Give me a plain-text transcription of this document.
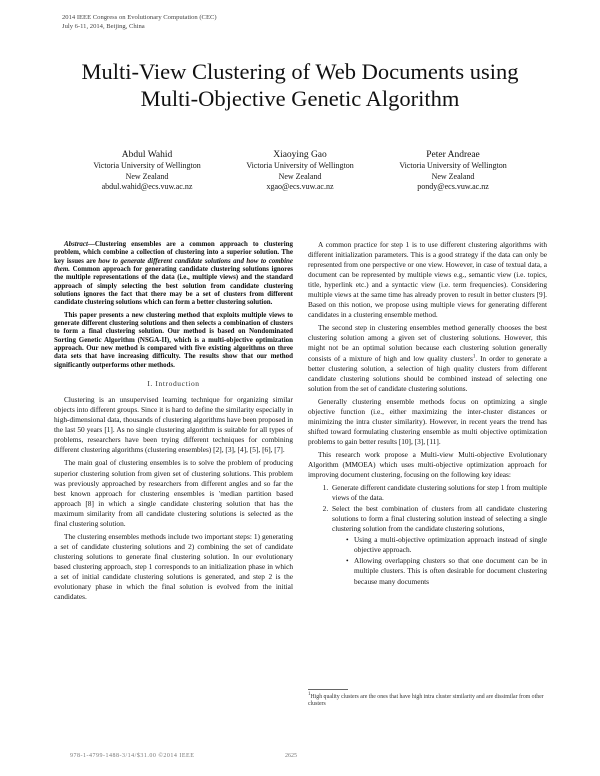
2014 IEEE Congress on Evolutionary Computation (CEC)
July 6-11, 2014, Beijing, China
Multi-View Clustering of Web Documents using
Multi-Objective Genetic Algorithm
Abdul Wahid
Victoria University of Wellington
New Zealand
abdul.wahid@ecs.vuw.ac.nz
Xiaoying Gao
Victoria University of Wellington
New Zealand
xgao@ecs.vuw.ac.nz
Peter Andreae
Victoria University of Wellington
New Zealand
pondy@ecs.vuw.ac.nz

Abstract—Clustering ensembles are a common approach to clustering problem, which combine a collection of clustering into a superior solution. The key issues are how to generate different candidate solutions and how to combine them. Common approach for generating candidate clustering solutions ignores the multiple representations of the data (i.e., multiple views) and the standard approach of simply selecting the best solution from candidate clustering solutions ignores the fact that there may be a set of clusters from different candidate clustering solutions which can form a better clustering solution.

This paper presents a new clustering method that exploits multiple views to generate different clustering solutions and then selects a combination of clusters to form a final clustering solution. Our method is based on Nondominated Sorting Genetic Algorithm (NSGA-II), which is a multi-objective optimization approach. Our new method is compared with five existing algorithms on three data sets that have increasing difficulty. The results show that our method significantly outperforms other methods.

I. Introduction

Clustering is an unsupervised learning technique for organizing similar objects into different groups. Since it is hard to define the similarity especially in high-dimensional data, thousands of clustering algorithms have been proposed in the last 50 years [1]. As no single clustering algorithm is suitable for all types of problems, researchers have been trying different techniques for combining different clustering algorithms (clustering ensembles) [2], [3], [4], [5], [6], [7].

The main goal of clustering ensembles is to solve the problem of producing superior clustering solution from given set of clustering solutions. This problem was previously approached by researchers from different angles and so far the best known approach for clustering ensembles is 'median partition based approach [8] in which a single candidate clustering solution that has the maximum similarity from all candidate clustering solutions is selected as the final clustering solution.

The clustering ensembles methods include two important steps: 1) generating a set of candidate clustering solutions and 2) combining the set of candidate clustering solutions to generate final clustering solution. In our evolutionary based clustering approach, step 1 corresponds to an initialization phase in which a set of initial candidate clustering solutions is generated, and step 2 is the evolutionary phase in which the final solution is evolved from the initial candidates.

A common practice for step 1 is to use different clustering algorithms with different initialization parameters. This is a good strategy if the data can only be represented from one perspective or one view. However, in case of textual data, a document can be represented by multiple views e.g., semantic view (i.e. topics, title, hyperlink etc.) and a syntactic view (i.e. term frequencies). Considering multiple views at the same time has already proven to result in better clusters [9]. Based on this notion, we propose using multiple views for generating different candidates in a clustering ensemble method.

The second step in clustering ensembles method generally chooses the best clustering solution among a given set of clustering solutions. However, this might not be an optimal solution because each clustering solution generally consists of a mixture of high and low quality clusters$^1$. In order to generate a better clustering solution, a selection of high quality clusters from different candidate clustering solutions should be combined instead of selecting one solution from the set of candidate clustering solutions.

Generally clustering ensemble methods focus on optimizing a single objective function (i.e., either maximizing the inter-cluster distances or minimizing the intra cluster similarity). However, in recent years the trend has shifted toward formulating clustering ensemble as multi objective optimization problems to gain better results [10], [3], [11].

This research work propose a Multi-view Multi-objective Evolutionary Algorithm (MMOEA) which uses multi-objective optimization approach for improving document clustering, focusing on the following key ideas:

1. Generate different candidate clustering solutions for step 1 from multiple views of the data.
2. Select the best combination of clusters from all candidate clustering solutions to form a final clustering solution instead of selecting a single clustering solution from the candidate clustering solutions,
• Using a multi-objective optimization approach instead of single objective approach.
• Allowing overlapping clusters so that one document can be in multiple clusters. This is often desirable for document clustering because many documents
$^1$High quality clusters are the ones that have high intra cluster similarity and are dissimilar from other clusters
978-1-4799-1488-3/14/$31.00 ©2014 IEEE	2625
